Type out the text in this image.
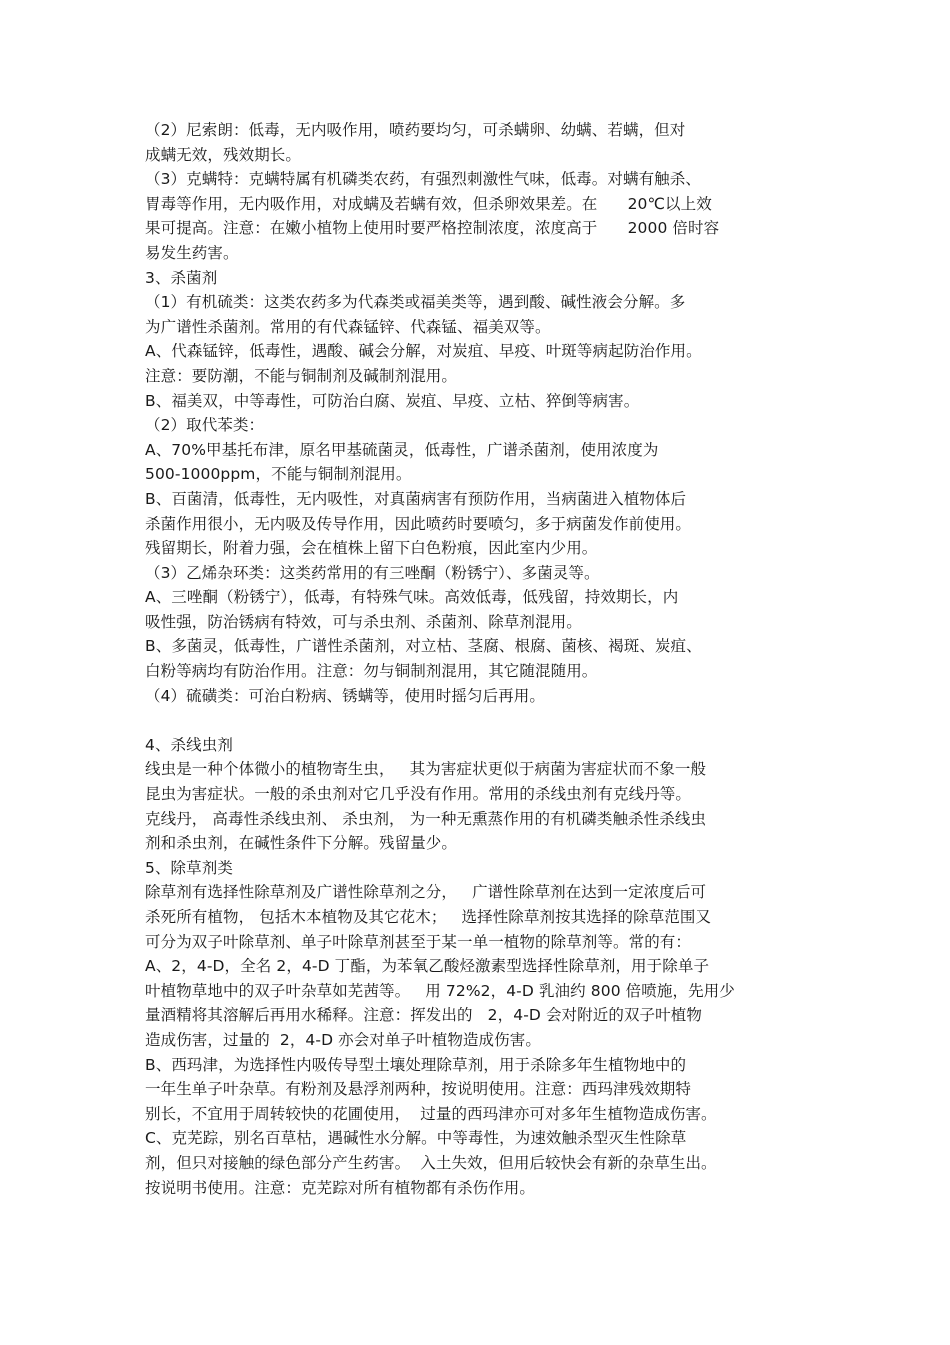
（2）尼索朗：低毒，无内吸作用，喷药要均匀，可杀螨卵、幼螨、若螨，但对
成螨无效，残效期长。
（3）克螨特：克螨特属有机磷类农药，有强烈刺激性气味，低毒。对螨有触杀、
胃毒等作用，无内吸作用，对成螨及若螨有效，但杀卵效果差。在      20℃以上效
果可提高。注意：在嫩小植物上使用时要严格控制浓度，浓度高于      2000 倍时容
易发生药害。
3、杀菌剂
（1）有机硫类：这类农药多为代森类或福美类等，遇到酸、碱性液会分解。多
为广谱性杀菌剂。常用的有代森锰锌、代森锰、福美双等。
A、代森锰锌，低毒性，遇酸、碱会分解，对炭疽、早疫、叶斑等病起防治作用。
注意：要防潮，不能与铜制剂及碱制剂混用。
B、福美双，中等毒性，可防治白腐、炭疽、早疫、立枯、猝倒等病害。
（2）取代苯类：
A、70%甲基托布津，原名甲基硫菌灵，低毒性，广谱杀菌剂，使用浓度为
500-1000ppm，不能与铜制剂混用。
B、百菌清，低毒性，无内吸性，对真菌病害有预防作用，当病菌进入植物体后
杀菌作用很小，无内吸及传导作用，因此喷药时要喷匀，多于病菌发作前使用。
残留期长，附着力强，会在植株上留下白色粉痕，因此室内少用。
（3）乙烯杂环类：这类药常用的有三唑酮（粉锈宁）、多菌灵等。
A、三唑酮（粉锈宁），低毒，有特殊气味。高效低毒，低残留，持效期长，内
吸性强，防治锈病有特效，可与杀虫剂、杀菌剂、除草剂混用。
B、多菌灵，低毒性，广谱性杀菌剂，对立枯、茎腐、根腐、菌核、褐斑、炭疽、
白粉等病均有防治作用。注意：勿与铜制剂混用，其它随混随用。
（4）硫磺类：可治白粉病、锈螨等，使用时摇匀后再用。
4、杀线虫剂
线虫是一种个体微小的植物寄生虫，   其为害症状更似于病菌为害症状而不象一般
昆虫为害症状。一般的杀虫剂对它几乎没有作用。常用的杀线虫剂有克线丹等。
克线丹， 高毒性杀线虫剂、 杀虫剂， 为一种无熏蒸作用的有机磷类触杀性杀线虫
剂和杀虫剂，在碱性条件下分解。残留量少。
5、除草剂类
除草剂有选择性除草剂及广谱性除草剂之分，   广谱性除草剂在达到一定浓度后可
杀死所有植物， 包括木本植物及其它花木；   选择性除草剂按其选择的除草范围又
可分为双子叶除草剂、单子叶除草剂甚至于某一单一植物的除草剂等。常的有：
A、2，4-D，全名 2，4-D 丁酯，为苯氧乙酸烃激素型选择性除草剂，用于除单子
叶植物草地中的双子叶杂草如芜茜等。   用 72%2，4-D 乳油约 800 倍喷施，先用少
量酒精将其溶解后再用水稀释。注意：挥发出的   2，4-D 会对附近的双子叶植物
造成伤害，过量的  2，4-D 亦会对单子叶植物造成伤害。
B、西玛津，为选择性内吸传导型土壤处理除草剂，用于杀除多年生植物地中的
一年生单子叶杂草。有粉剂及悬浮剂两种，按说明使用。注意：西玛津残效期特
别长，不宜用于周转较快的花圃使用，  过量的西玛津亦可对多年生植物造成伤害。
C、克芜踪，别名百草枯，遇碱性水分解。中等毒性，为速效触杀型灭生性除草
剂，但只对接触的绿色部分产生药害。  入土失效，但用后较快会有新的杂草生出。
按说明书使用。注意：克芜踪对所有植物都有杀伤作用。
